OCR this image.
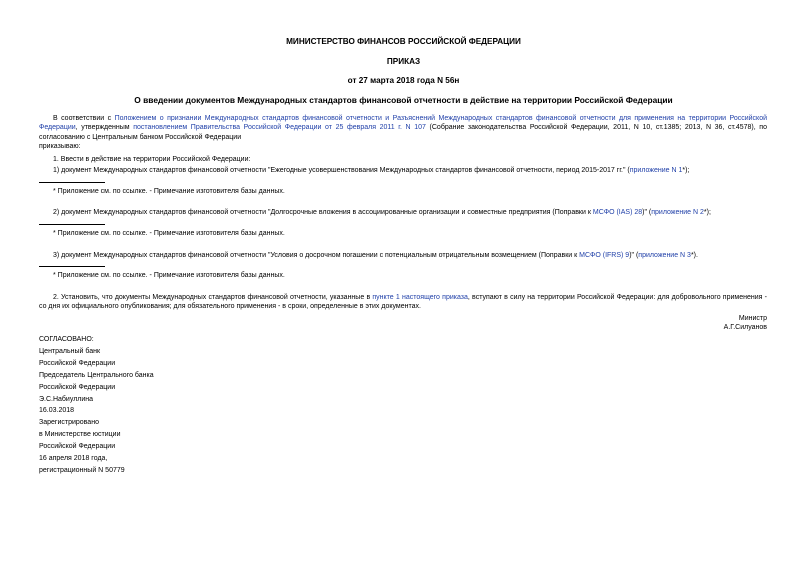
МИНИСТЕРСТВО ФИНАНСОВ РОССИЙСКОЙ ФЕДЕРАЦИИ
ПРИКАЗ
от 27 марта 2018 года N 56н
О введении документов Международных стандартов финансовой отчетности в действие на территории Российской Федерации

В соответствии с Положением о признании Международных стандартов финансовой отчетности и Разъяснений Международных стандартов финансовой отчетности для применения на территории Российской Федерации, утвержденным постановлением Правительства Российской Федерации от 25 февраля 2011 г. N 107 (Собрание законодательства Российской Федерации, 2011, N 10, ст.1385; 2013, N 36, ст.4578), по согласованию с Центральным банком Российской Федерации

приказываю:
1. Ввести в действие на территории Российской Федерации:
1) документ Международных стандартов финансовой отчетности "Ежегодные усовершенствования Международных стандартов финансовой отчетности, период 2015-2017 гг." (приложение N 1*);
* Приложение см. по ссылке. - Примечание изготовителя базы данных.
2) документ Международных стандартов финансовой отчетности "Долгосрочные вложения в ассоциированные организации и совместные предприятия (Поправки к МСФО (IAS) 28)" (приложение N 2*);
* Приложение см. по ссылке. - Примечание изготовителя базы данных.
3) документ Международных стандартов финансовой отчетности "Условия о досрочном погашении с потенциальным отрицательным возмещением (Поправки к МСФО (IFRS) 9)" (приложение N 3*).
* Приложение см. по ссылке. - Примечание изготовителя базы данных.

2. Установить, что документы Международных стандартов финансовой отчетности, указанные в пункте 1 настоящего приказа, вступают в силу на территории Российской Федерации: для добровольного применения - со дня их официального опубликования; для обязательного применения - в сроки, определенные в этих документах.

Министр
А.Г.Силуанов
СОГЛАСОВАНО:
Центральный банк
Российской Федерации
Председатель Центрального банка
Российской Федерации
Э.С.Набиуллина
16.03.2018
Зарегистрировано
в Министерстве юстиции
Российской Федерации
16 апреля 2018 года,
регистрационный N 50779
